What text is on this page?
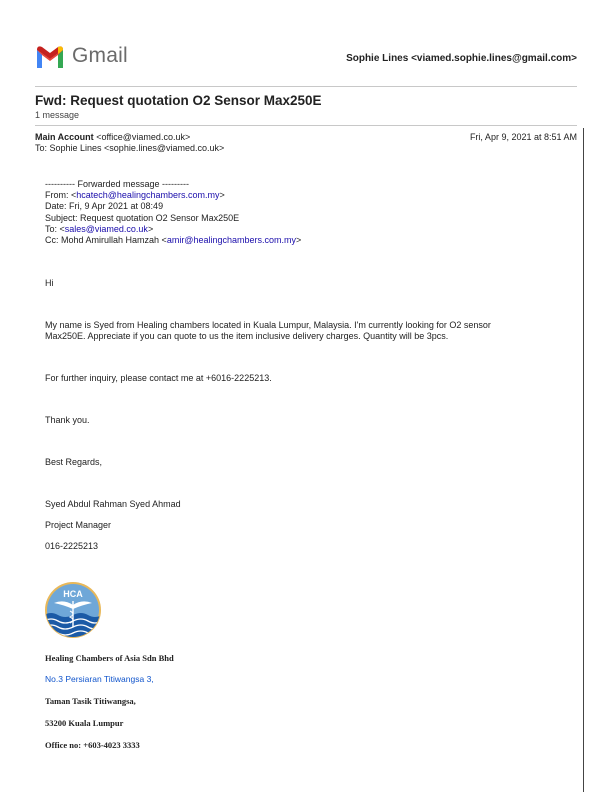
Gmail	Sophie Lines <viamed.sophie.lines@gmail.com>
Fwd: Request quotation O2 Sensor Max250E
1 message
Main Account <office@viamed.co.uk>	Fri, Apr 9, 2021 at 8:51 AM
To: Sophie Lines <sophie.lines@viamed.co.uk>
---------- Forwarded message ---------
From: <hcatech@healingchambers.com.my>
Date: Fri, 9 Apr 2021 at 08:49
Subject: Request quotation O2 Sensor Max250E
To: <sales@viamed.co.uk>
Cc: Mohd Amirullah Hamzah <amir@healingchambers.com.my>
Hi
My name is Syed from Healing chambers located in Kuala Lumpur, Malaysia. I'm currently looking for O2 sensor
Max250E. Appreciate if you can quote to us the item inclusive delivery charges. Quantity will be 3pcs.
For further inquiry, please contact me at +6016-2225213.
Thank you.
Best Regards,
Syed Abdul Rahman Syed Ahmad
Project Manager
016-2225213
HCA
Healing Chambers of Asia Sdn Bhd
No.3 Persiaran Titiwangsa 3,
Taman Tasik Titiwangsa,
53200 Kuala Lumpur
Office no: +603-4023 3333
